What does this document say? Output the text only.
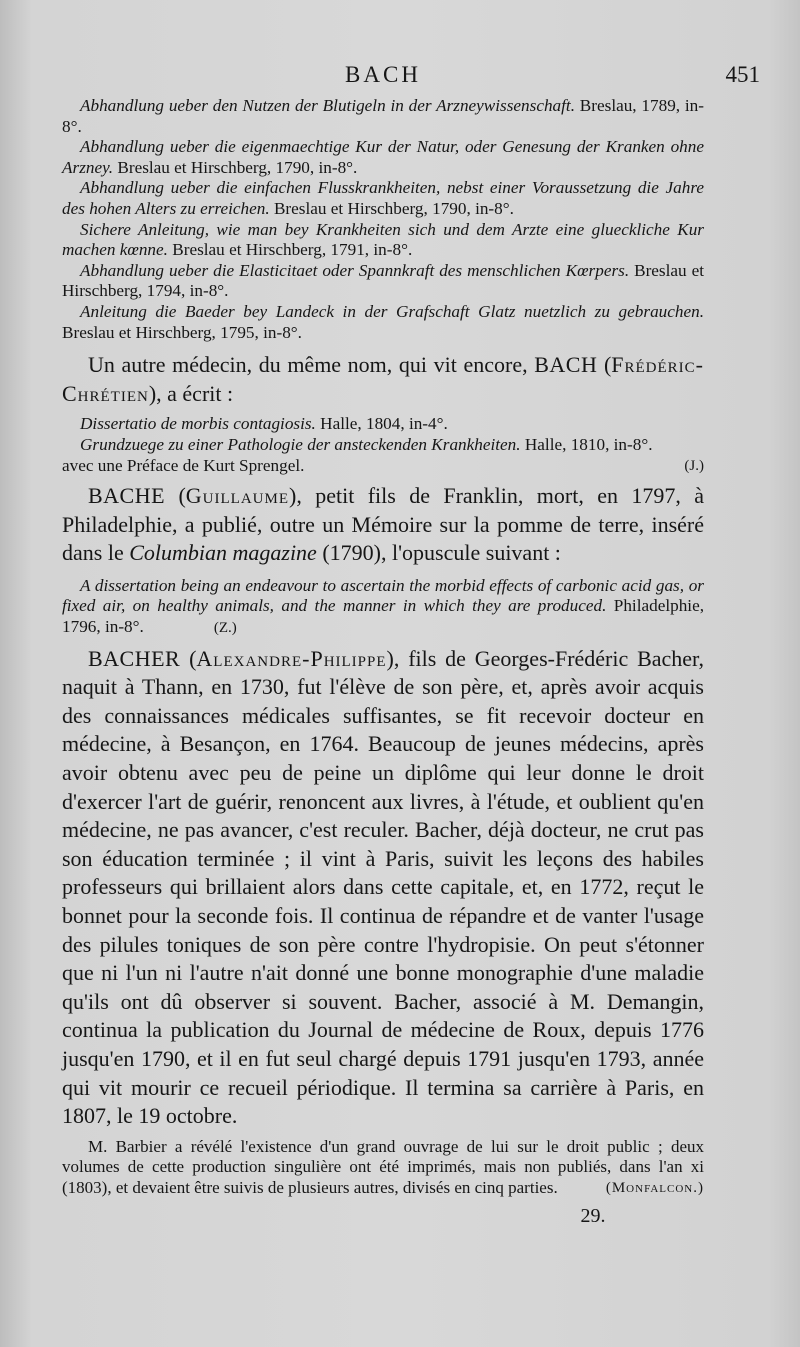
BACH	451

Abhandlung ueber den Nutzen der Blutigeln in der Arzneywissenschaft. Breslau, 1789, in-8°.

Abhandlung ueber die eigenmaechtige Kur der Natur, oder Genesung der Kranken ohne Arzney. Breslau et Hirschberg, 1790, in-8°.

Abhandlung ueber die einfachen Flusskrankheiten, nebst einer Voraussetzung die Jahre des hohen Alters zu erreichen. Breslau et Hirschberg, 1790, in-8°.

Sichere Anleitung, wie man bey Krankheiten sich und dem Arzte eine glueckliche Kur machen kœnne. Breslau et Hirschberg, 1791, in-8°.

Abhandlung ueber die Elasticitaet oder Spannkraft des menschlichen Kœrpers. Breslau et Hirschberg, 1794, in-8°.

Anleitung die Baeder bey Landeck in der Grafschaft Glatz nuetzlich zu gebrauchen. Breslau et Hirschberg, 1795, in-8°.

Un autre médecin, du même nom, qui vit encore, BACH (Frédéric-Chrétien), a écrit :

Dissertatio de morbis contagiosis. Halle, 1804, in-4°.

Grundzuege zu einer Pathologie der ansteckenden Krankheiten. Halle, 1810, in-8°.

(J.)
avec une Préface de Kurt Sprengel.

BACHE (Guillaume), petit fils de Franklin, mort, en 1797, à Philadelphie, a publié, outre un Mémoire sur la pomme de terre, inséré dans le Columbian magazine (1790), l'opuscule suivant :

A dissertation being an endeavour to ascertain the morbid effects of carbonic acid gas, or fixed air, on healthy animals, and the manner in which they are produced. Philadelphie, 1796, in-8°.	(Z.)

BACHER (Alexandre-Philippe), fils de Georges-Frédéric Bacher, naquit à Thann, en 1730, fut l'élève de son père, et, après avoir acquis des connaissances médicales suffisantes, se fit recevoir docteur en médecine, à Besançon, en 1764. Beaucoup de jeunes médecins, après avoir obtenu avec peu de peine un diplôme qui leur donne le droit d'exercer l'art de guérir, renoncent aux livres, à l'étude, et oublient qu'en médecine, ne pas avancer, c'est reculer. Bacher, déjà docteur, ne crut pas son éducation terminée ; il vint à Paris, suivit les leçons des habiles professeurs qui brillaient alors dans cette capitale, et, en 1772, reçut le bonnet pour la seconde fois. Il continua de répandre et de vanter l'usage des pilules toniques de son père contre l'hydropisie. On peut s'étonner que ni l'un ni l'autre n'ait donné une bonne monographie d'une maladie qu'ils ont dû observer si souvent. Bacher, associé à M. Demangin, continua la publication du Journal de médecine de Roux, depuis 1776 jusqu'en 1790, et il en fut seul chargé depuis 1791 jusqu'en 1793, année qui vit mourir ce recueil périodique. Il termina sa carrière à Paris, en 1807, le 19 octobre.

M. Barbier a révélé l'existence d'un grand ouvrage de lui sur le droit public ; deux volumes de cette production singulière ont été imprimés, mais non publiés, dans l'an xi (1803), et devaient être suivis de plusieurs autres, divisés en cinq parties.	(Monfalcon.)

29.
